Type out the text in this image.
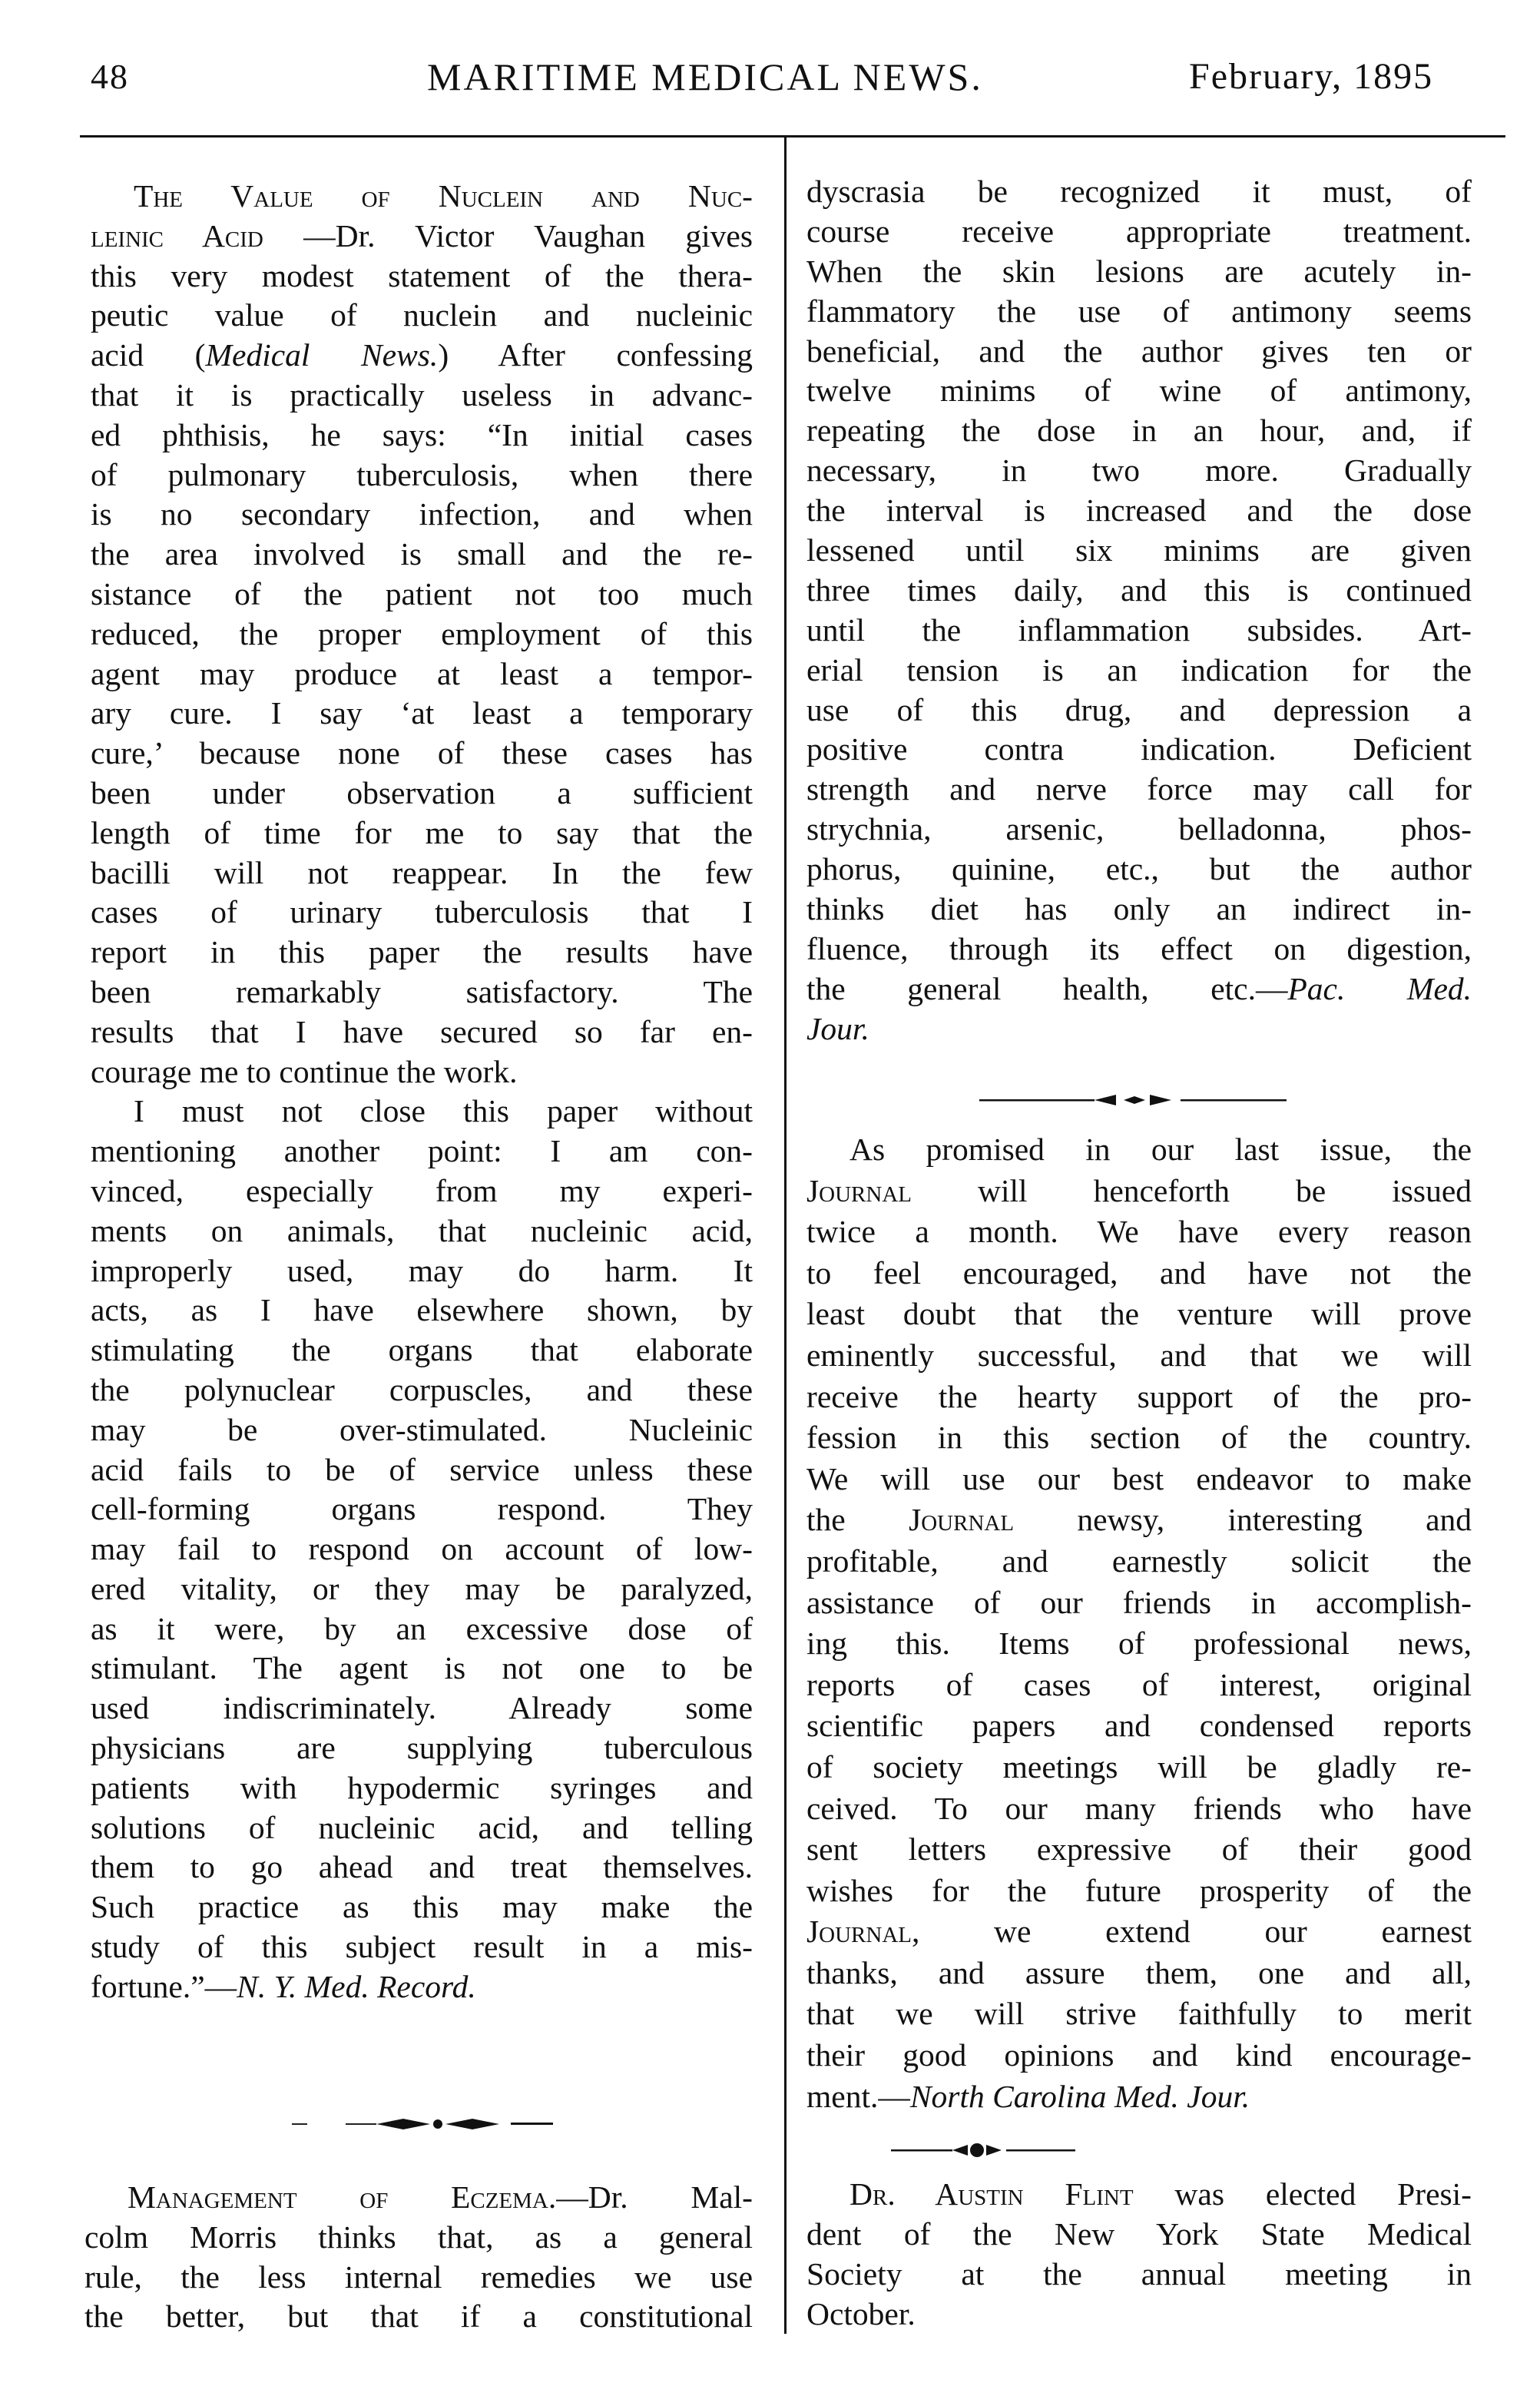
48	MARITIME MEDICAL NEWS.	February, 1895
The Value of Nuclein and Nuc-
leinic Acid —Dr. Victor Vaughan gives
this very modest statement of the thera-
peutic value of nuclein and nucleinic
acid (Medical News.) After confessing
that it is practically useless in advanc-
ed phthisis, he says: “In initial cases
of pulmonary tuberculosis, when there
is no secondary infection, and when
the area involved is small and the re-
sistance of the patient not too much
reduced, the proper employment of this
agent may produce at least a tempor-
ary cure. I say ‘at least a temporary
cure,’ because none of these cases has
been under observation a sufficient
length of time for me to say that the
bacilli will not reappear. In the few
cases of urinary tuberculosis that I
report in this paper the results have
been remarkably satisfactory. The
results that I have secured so far en-
courage me to continue the work.
I must not close this paper without
mentioning another point: I am con-
vinced, especially from my experi-
ments on animals, that nucleinic acid,
improperly used, may do harm. It
acts, as I have elsewhere shown, by
stimulating the organs that elaborate
the polynuclear corpuscles, and these
may be over-stimulated. Nucleinic
acid fails to be of service unless these
cell-forming organs respond. They
may fail to respond on account of low-
ered vitality, or they may be paralyzed,
as it were, by an excessive dose of
stimulant. The agent is not one to be
used indiscriminately. Already some
physicians are supplying tuberculous
patients with hypodermic syringes and
solutions of nucleinic acid, and telling
them to go ahead and treat themselves.
Such practice as this may make the
study of this subject result in a mis-
fortune.”—N. Y. Med. Record.
Management of Eczema.—Dr. Mal-
colm Morris thinks that, as a general
rule, the less internal remedies we use
the better, but that if a constitutional
dyscrasia be recognized it must, of
course receive appropriate treatment.
When the skin lesions are acutely in-
flammatory the use of antimony seems
beneficial, and the author gives ten or
twelve minims of wine of antimony,
repeating the dose in an hour, and, if
necessary, in two more. Gradually
the interval is increased and the dose
lessened until six minims are given
three times daily, and this is continued
until the inflammation subsides. Art-
erial tension is an indication for the
use of this drug, and depression a
positive contra indication. Deficient
strength and nerve force may call for
strychnia, arsenic, belladonna, phos-
phorus, quinine, etc., but the author
thinks diet has only an indirect in-
fluence, through its effect on digestion,
the general health, etc.—Pac. Med.
Jour.
As promised in our last issue, the
Journal will henceforth be issued
twice a month. We have every reason
to feel encouraged, and have not the
least doubt that the venture will prove
eminently successful, and that we will
receive the hearty support of the pro-
fession in this section of the country.
We will use our best endeavor to make
the Journal newsy, interesting and
profitable, and earnestly solicit the
assistance of our friends in accomplish-
ing this. Items of professional news,
reports of cases of interest, original
scientific papers and condensed reports
of society meetings will be gladly re-
ceived. To our many friends who have
sent letters expressive of their good
wishes for the future prosperity of the
Journal, we extend our earnest
thanks, and assure them, one and all,
that we will strive faithfully to merit
their good opinions and kind encourage-
ment.—North Carolina Med. Jour.
Dr. Austin Flint was elected Presi-
dent of the New York State Medical
Society at the annual meeting in
October.
